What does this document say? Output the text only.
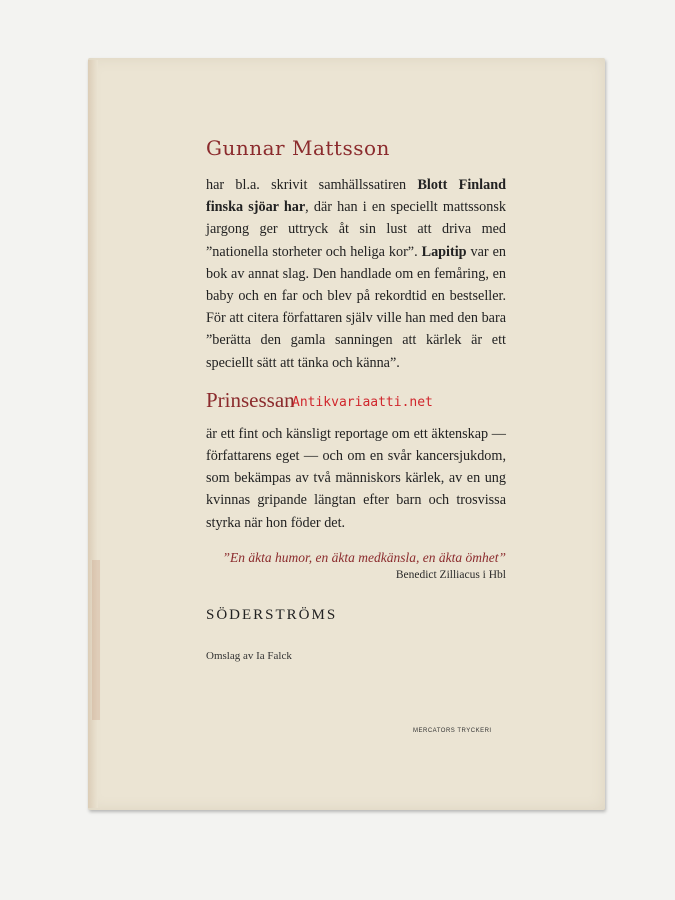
Gunnar Mattsson

har bl.a. skrivit samhällssatiren Blott Finland finska sjöar har, där han i en speciellt mattssonsk jargong ger uttryck åt sin lust att driva med ”nationella storheter och heliga kor”. Lapitip var en bok av annat slag. Den handlade om en femåring, en baby och en far och blev på rekordtid en bestseller. För att citera författaren själv ville han med den bara ”berätta den gamla sanningen att kärlek är ett speciellt sätt att tänka och känna”.

Prinsessan

är ett fint och känsligt reportage om ett äktenskap — författarens eget — och om en svår kancersjukdom, som bekämpas av två människors kärlek, av en ung kvinnas gripande längtan efter barn och trosvissa styrka när hon föder det.

”En äkta humor, en äkta medkänsla, en äkta ömhet”

Benedict Zilliacus i Hbl

SÖDERSTRÖMS

Omslag av Ia Falck

MERCATORS TRYCKERI
Antikvariaatti.net
